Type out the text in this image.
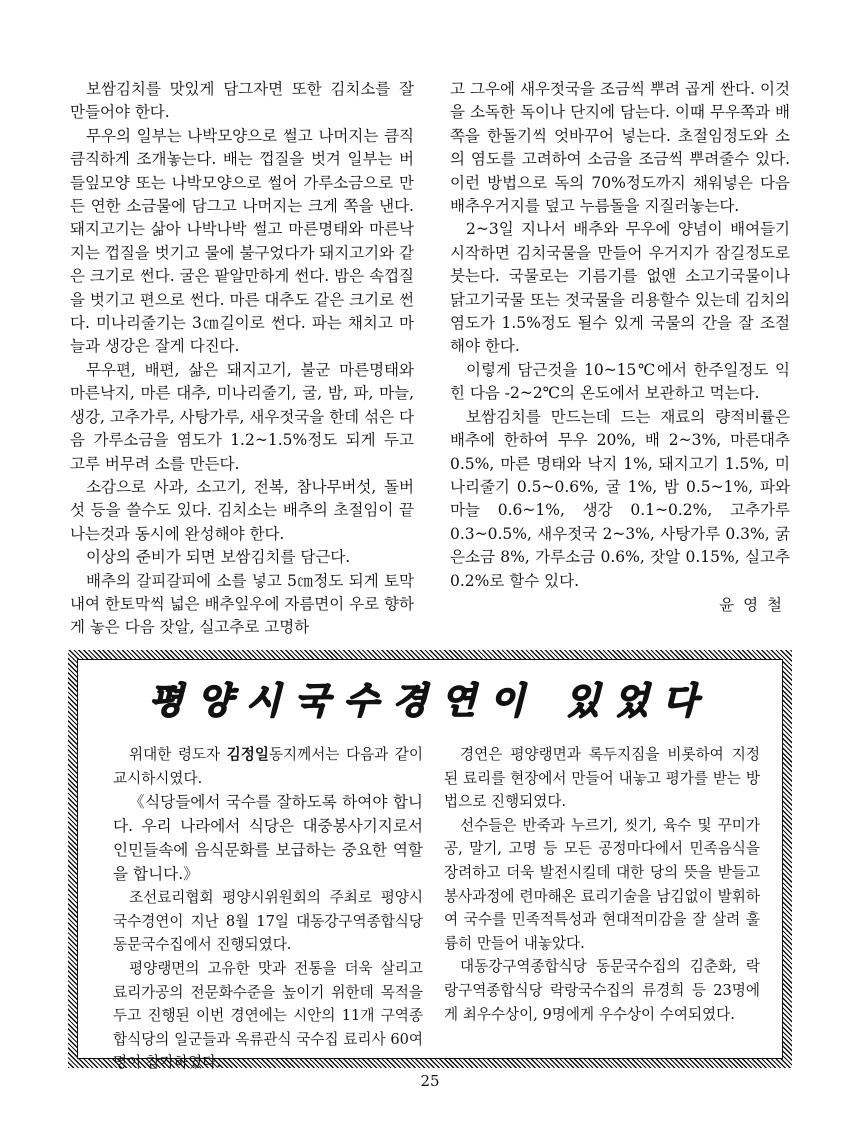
보쌈김치를 맛있게 담그자면 또한 김치소를 잘 만들어야 한다.

무우의 일부는 나박모양으로 썰고 나머지는 큼직큼직하게 조개놓는다. 배는 껍질을 벗겨 일부는 버들잎모양 또는 나박모양으로 썰어 가루소금으로 만든 연한 소금물에 담그고 나머지는 크게 쪽을 낸다. 돼지고기는 삶아 나박나박 썰고 마른명태와 마른낙지는 껍질을 벗기고 물에 불구었다가 돼지고기와 같은 크기로 썬다. 굴은 팥알만하게 썬다. 밤은 속껍질을 벗기고 편으로 썬다. 마른 대추도 같은 크기로 썬다. 미나리줄기는 3㎝길이로 썬다. 파는 채치고 마늘과 생강은 잘게 다진다.

무우편, 배편, 삶은 돼지고기, 불군 마른명태와 마른낙지, 마른 대추, 미나리줄기, 굴, 밤, 파, 마늘, 생강, 고추가루, 사탕가루, 새우젓국을 한데 섞은 다음 가루소금을 염도가 1.2~1.5%정도 되게 두고 고루 버무려 소를 만든다.

소감으로 사과, 소고기, 전복, 참나무버섯, 돌버섯 등을 쓸수도 있다. 김치소는 배추의 초절임이 끝나는것과 동시에 완성해야 한다.

이상의 준비가 되면 보쌈김치를 담근다.

배추의 갈피갈피에 소를 넣고 5㎝정도 되게 토막내여 한토막씩 넓은 배추잎우에 자름면이 우로 향하게 놓은 다음 잣알, 실고추로 고명하

고 그우에 새우젓국을 조금씩 뿌려 곱게 싼다. 이것을 소독한 독이나 단지에 담는다. 이때 무우쪽과 배쪽을 한돌기씩 엇바꾸어 넣는다. 초절임정도와 소의 염도를 고려하여 소금을 조금씩 뿌려줄수 있다. 이런 방법으로 독의 70%정도까지 채워넣은 다음 배추우거지를 덮고 누름돌을 지질러놓는다.

2~3일 지나서 배추와 무우에 양념이 배여들기 시작하면 김치국물을 만들어 우거지가 잠길정도로 붓는다. 국물로는 기름기를 없앤 소고기국물이나 닭고기국물 또는 젓국물을 리용할수 있는데 김치의 염도가 1.5%정도 될수 있게 국물의 간을 잘 조절해야 한다.

이렇게 담근것을 10~15℃에서 한주일정도 익힌 다음 -2~2℃의 온도에서 보관하고 먹는다.

보쌈김치를 만드는데 드는 재료의 량적비률은 배추에 한하여 무우 20%, 배 2~3%, 마른대추 0.5%, 마른 명태와 낙지 1%, 돼지고기 1.5%, 미나리줄기 0.5~0.6%, 굴 1%, 밤 0.5~1%, 파와 마늘 0.6~1%, 생강 0.1~0.2%, 고추가루 0.3~0.5%, 새우젓국 2~3%, 사탕가루 0.3%, 굵은소금 8%, 가루소금 0.6%, 잣알 0.15%, 실고추 0.2%로 할수 있다.

윤 영 철
평양시국수경연이 있었다

위대한 령도자 김정일동지께서는 다음과 같이 교시하시였다.

《식당들에서 국수를 잘하도록 하여야 합니다. 우리 나라에서 식당은 대중봉사기지로서 인민들속에 음식문화를 보급하는 중요한 역할을 합니다.》

조선료리협회 평양시위원회의 주최로 평양시국수경연이 지난 8월 17일 대동강구역종합식당 동문국수집에서 진행되였다.

평양랭면의 고유한 맛과 전통을 더욱 살리고 료리가공의 전문화수준을 높이기 위한데 목적을 두고 진행된 이번 경연에는 시안의 11개 구역종합식당의 일군들과 옥류관식 국수집 료리사 60여명이 참가하였다.

경연은 평양랭면과 록두지짐을 비롯하여 지정된 료리를 현장에서 만들어 내놓고 평가를 받는 방법으로 진행되였다.

선수들은 반죽과 누르기, 씻기, 육수 및 꾸미가공, 말기, 고명 등 모든 공정마다에서 민족음식을 장려하고 더욱 발전시킬데 대한 당의 뜻을 받들고 봉사과정에 련마해온 료리기술을 남김없이 발휘하여 국수를 민족적특성과 현대적미감을 잘 살려 훌륭히 만들어 내놓았다.

대동강구역종합식당 동문국수집의 김춘화, 락랑구역종합식당 락랑국수집의 류경희 등 23명에게 최우수상이, 9명에게 우수상이 수여되였다.

25
